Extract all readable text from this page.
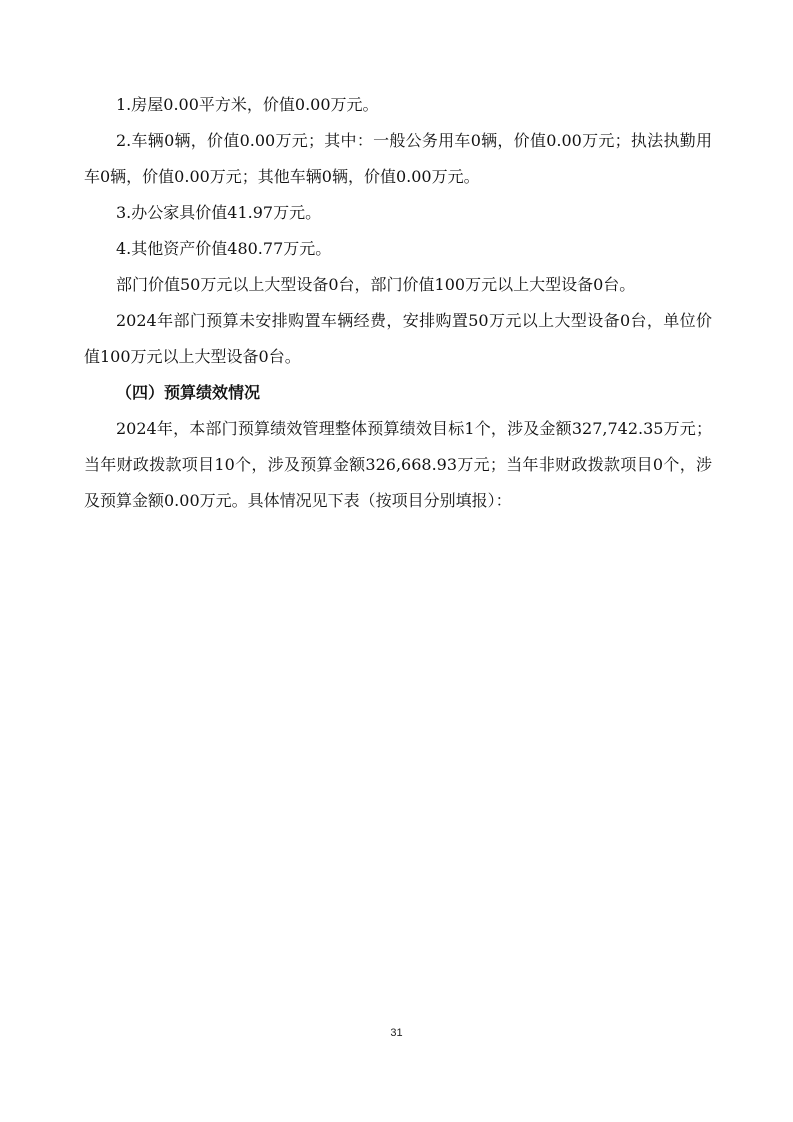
1.房屋0.00平方米，价值0.00万元。

2.车辆0辆，价值0.00万元；其中：一般公务用车0辆，价值0.00万元；执法执勤用车0辆，价值0.00万元；其他车辆0辆，价值0.00万元。

3.办公家具价值41.97万元。

4.其他资产价值480.77万元。

部门价值50万元以上大型设备0台，部门价值100万元以上大型设备0台。

2024年部门预算未安排购置车辆经费，安排购置50万元以上大型设备0台，单位价值100万元以上大型设备0台。

（四）预算绩效情况

2024年，本部门预算绩效管理整体预算绩效目标1个，涉及金额327,742.35万元；当年财政拨款项目10个，涉及预算金额326,668.93万元；当年非财政拨款项目0个，涉及预算金额0.00万元。具体情况见下表（按项目分别填报）：

31
